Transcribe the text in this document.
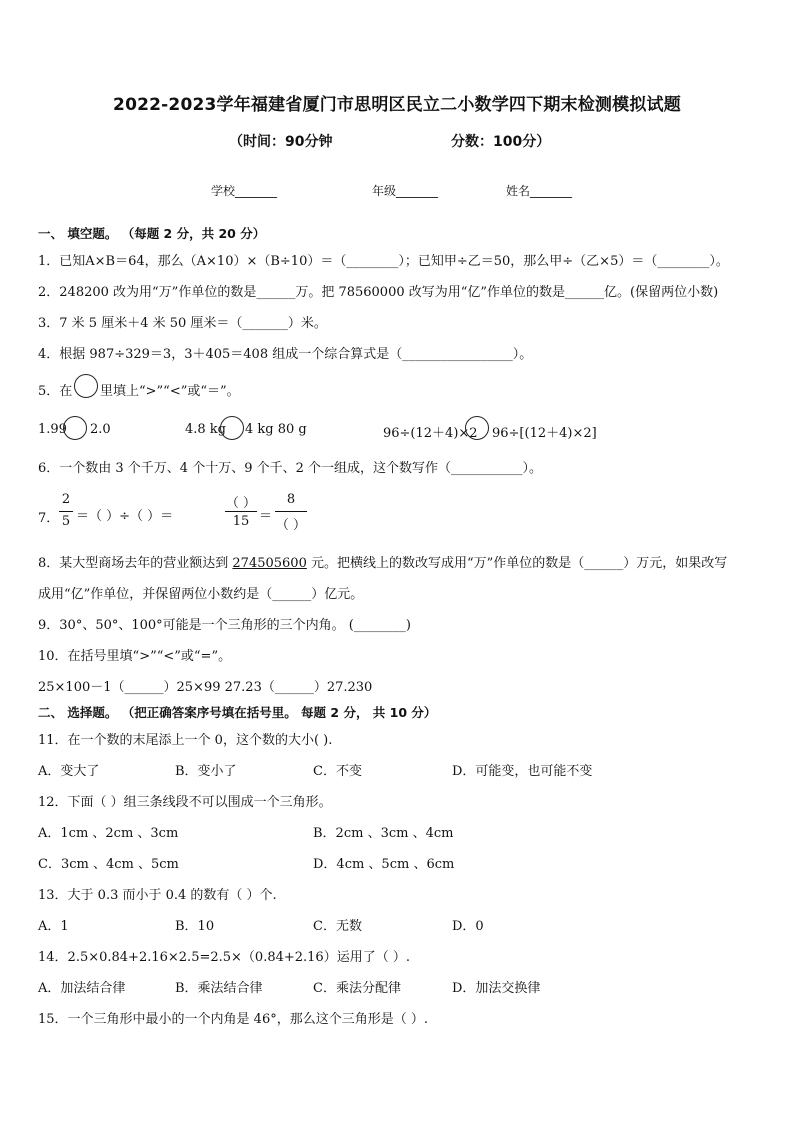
2022-2023学年福建省厦门市思明区民立二小数学四下期末检测模拟试题
（时间：90分钟	分数：100分）
学校_______	年级_______	姓名_______
一、 填空题。 （每题 2 分，共 20 分）
1．已知A×B＝64，那么（A×10）×（B÷10）＝（________）；已知甲÷乙＝50，那么甲÷（乙×5）＝（________）。
2．248200 改为用“万”作单位的数是______万。把 78560000 改写为用“亿”作单位的数是______亿。(保留两位小数)
3．7 米 5 厘米＋4 米 50 厘米＝（_______）米。
4．根据 987÷329＝3，3＋405＝408 组成一个综合算式是（_________________）。
5．在 里填上“>”“<”或“＝”。
1.99 2.0	4.8 kg 4 kg 80 g	96÷(12＋4)×2 96÷[(12＋4)×2]
6．一个数由 3 个千万、4 个十万、9 个千、2 个一组成，这个数写作（___________）。
7．
2
5 ＝（ ）÷（ ）＝
（ ）
15 ＝
8
（ ）
8．某大型商场去年的营业额达到 274505600 元。把横线上的数改写成用“万”作单位的数是（______）万元，如果改写
成用“亿”作单位，并保留两位小数约是（______）亿元。
9．30°、50°、100°可能是一个三角形的三个内角。 (________)
10．在括号里填“>”“<”或“=”。
25×100－1（______）25×99 27.23（______）27.230
二、 选择题。 （把正确答案序号填在括号里。 每题 2 分， 共 10 分）
11．在一个数的末尾添上一个 0，这个数的大小( ).
A．变大了	B．变小了	C．不变	D．可能变，也可能不变
12．下面（ ）组三条线段不可以围成一个三角形。
A．1cm 、2cm 、3cm	B．2cm 、3cm 、4cm
C．3cm 、4cm 、5cm	D．4cm 、5cm 、6cm
13．大于 0.3 而小于 0.4 的数有（ ）个.
A．1	B．10	C．无数	D．0
14．2.5×0.84+2.16×2.5=2.5×（0.84+2.16）运用了（ ）.
A．加法结合律	B．乘法结合律	C．乘法分配律	D．加法交换律
15．一个三角形中最小的一个内角是 46°，那么这个三角形是（ ）.
